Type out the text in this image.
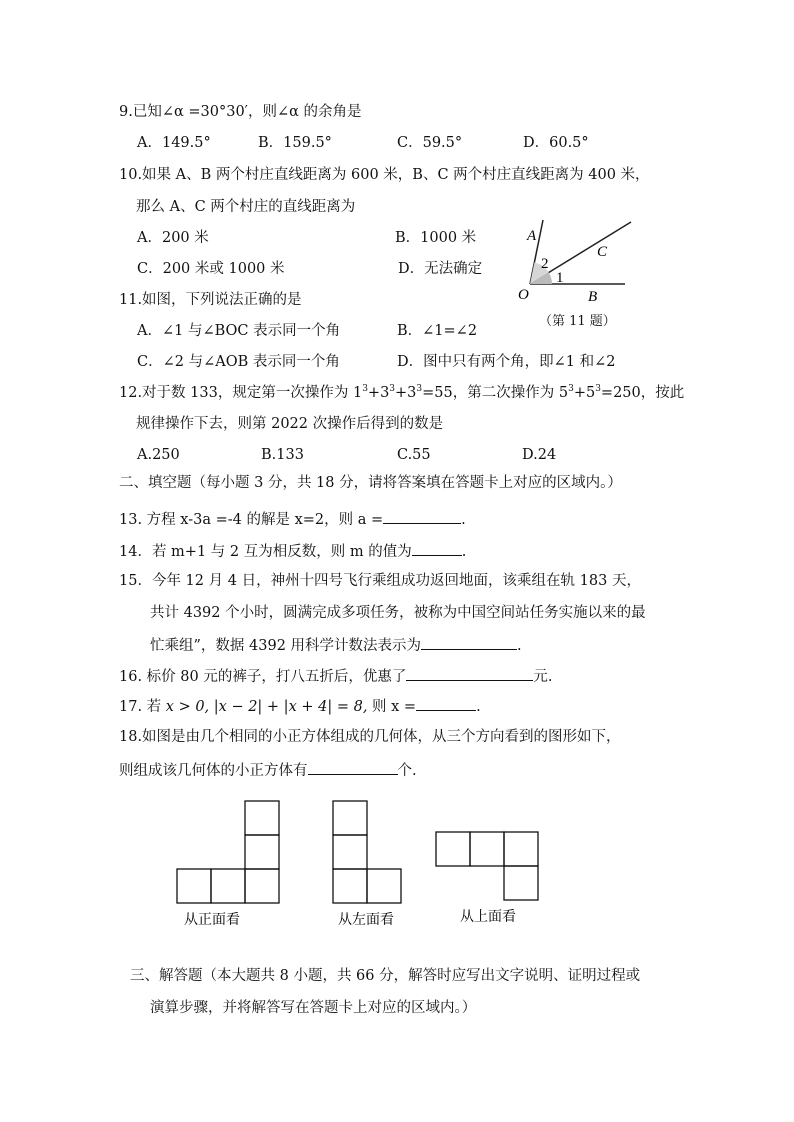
9.已知∠α =30°30′，则∠α 的余角是
A．149.5°	B．159.5°	C．59.5°	D．60.5°
10.如果 A、B 两个村庄直线距离为 600 米，B、C 两个村庄直线距离为 400 米，
那么 A、C 两个村庄的直线距离为
A．200 米	B．1000 米
C．200 米或 1000 米	D．无法确定
A
C
O	B
2
1
（第 11 题）
11.如图，下列说法正确的是
A．∠1 与∠BOC 表示同一个角	B．∠1=∠2
C．∠2 与∠AOB 表示同一个角	D．图中只有两个角，即∠1 和∠2
12.对于数 133，规定第一次操作为 $1^3+3^3+3^3=55$，第二次操作为 $5^3+5^3=250$，按此
规律操作下去，则第 2022 次操作后得到的数是
A.250	B.133	C.55	D.24
二、填空题（每小题 3 分，共 18 分，请将答案填在答题卡上对应的区域内。）
13. 方程 x-3a =-4 的解是 x=2，则 a =	.
14．若 m+1 与 2 互为相反数，则 m 的值为	.
15．今年 12 月 4 日，神州十四号飞行乘组成功返回地面，该乘组在轨 183 天，
共计 4392 个小时，圆满完成多项任务，被称为中国空间站任务实施以来的最
忙乘组”，数据 4392 用科学计数法表示为	.
16. 标价 80 元的裤子，打八五折后，优惠了	元.
17. 若 x > 0, |x − 2| + |x + 4| = 8, 则 x =	.
18.如图是由几个相同的小正方体组成的几何体，从三个方向看到的图形如下，
则组成该几何体的小正方体有	个.
从正面看	从左面看	从上面看
三、解答题（本大题共 8 小题，共 66 分，解答时应写出文字说明、证明过程或
演算步骤，并将解答写在答题卡上对应的区域内。）
